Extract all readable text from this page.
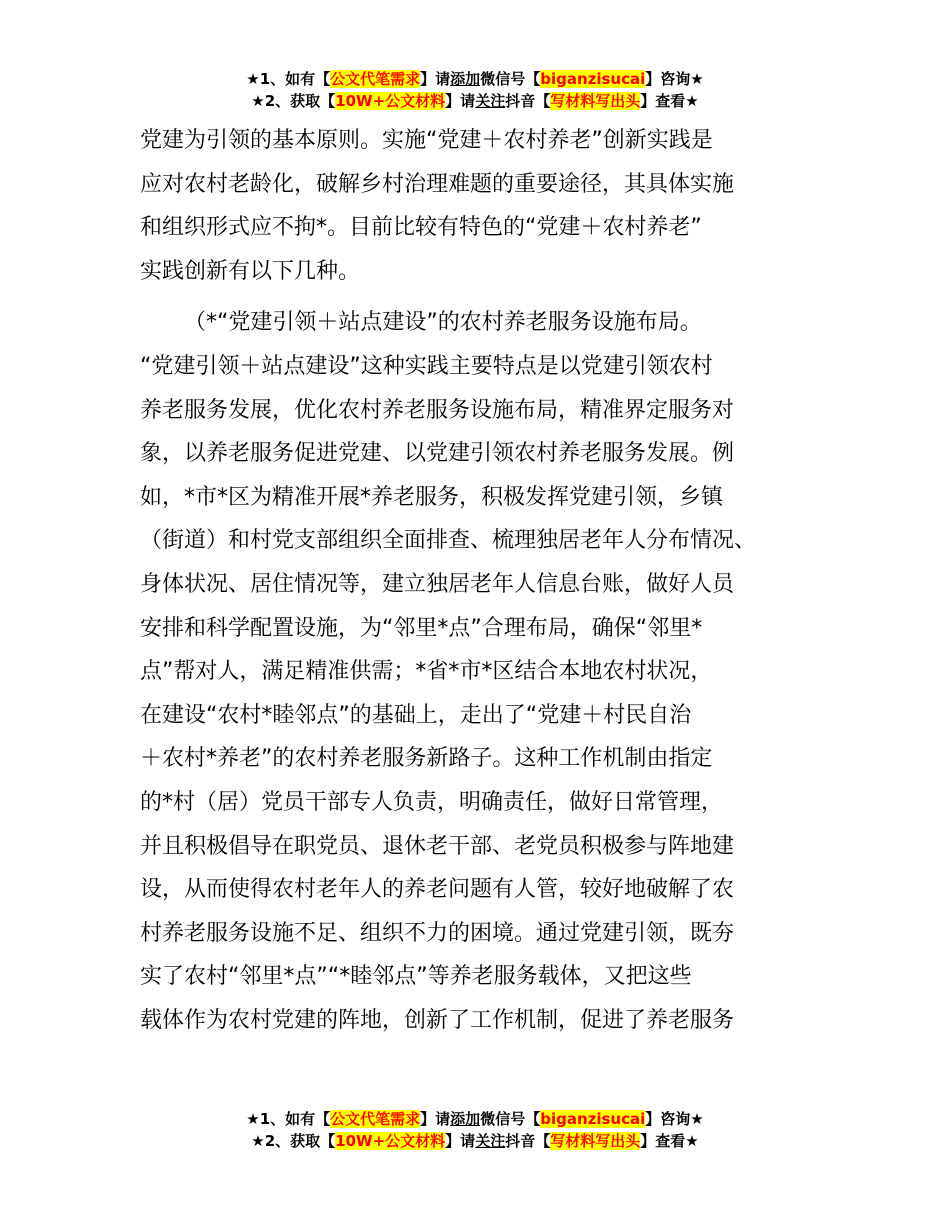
★1、如有【公文代笔需求】请添加微信号【biganzisucai】咨询★
★2、获取【10W+公文材料】请关注抖音【写材料写出头】查看★
党建为引领的基本原则。实施“党建＋农村养老”创新实践是
应对农村老龄化，破解乡村治理难题的重要途径，其具体实施
和组织形式应不拘*。目前比较有特色的“党建＋农村养老”
实践创新有以下几种。
（*“党建引领＋站点建设”的农村养老服务设施布局。
“党建引领＋站点建设”这种实践主要特点是以党建引领农村
养老服务发展，优化农村养老服务设施布局，精准界定服务对
象，以养老服务促进党建、以党建引领农村养老服务发展。例
如，*市*区为精准开展*养老服务，积极发挥党建引领，乡镇
（街道）和村党支部组织全面排查、梳理独居老年人分布情况、
身体状况、居住情况等，建立独居老年人信息台账，做好人员
安排和科学配置设施，为“邻里*点”合理布局，确保“邻里*
点”帮对人，满足精准供需；*省*市*区结合本地农村状况，
在建设“农村*睦邻点”的基础上，走出了“党建＋村民自治
＋农村*养老”的农村养老服务新路子。这种工作机制由指定
的*村（居）党员干部专人负责，明确责任，做好日常管理，
并且积极倡导在职党员、退休老干部、老党员积极参与阵地建
设，从而使得农村老年人的养老问题有人管，较好地破解了农
村养老服务设施不足、组织不力的困境。通过党建引领，既夯
实了农村“邻里*点”“*睦邻点”等养老服务载体，又把这些
载体作为农村党建的阵地，创新了工作机制，促进了养老服务
★1、如有【公文代笔需求】请添加微信号【biganzisucai】咨询★
★2、获取【10W+公文材料】请关注抖音【写材料写出头】查看★
